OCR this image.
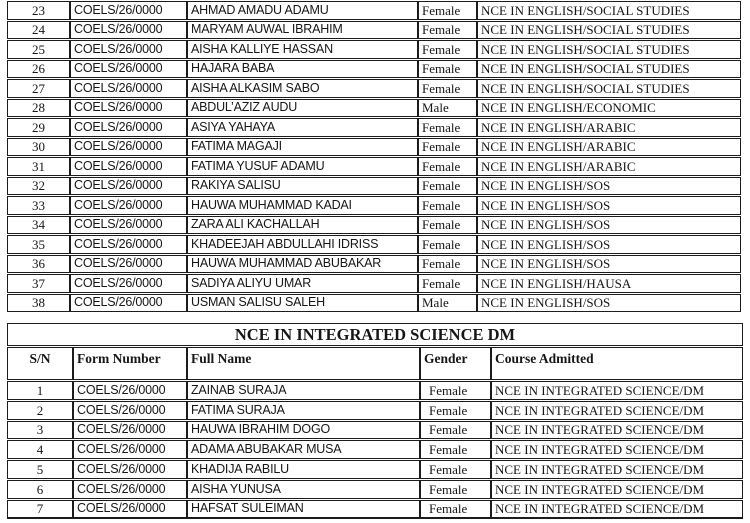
23	COELS/26/0000	AHMAD AMADU ADAMU	Female	NCE IN ENGLISH/SOCIAL STUDIES
24	COELS/26/0000	MARYAM AUWAL IBRAHIM	Female	NCE IN ENGLISH/SOCIAL STUDIES
25	COELS/26/0000	AISHA KALLIYE HASSAN	Female	NCE IN ENGLISH/SOCIAL STUDIES
26	COELS/26/0000	HAJARA BABA	Female	NCE IN ENGLISH/SOCIAL STUDIES
27	COELS/26/0000	AISHA ALKASIM SABO	Female	NCE IN ENGLISH/SOCIAL STUDIES
28	COELS/26/0000	ABDUL’AZIZ AUDU	Male	NCE IN ENGLISH/ECONOMIC
29	COELS/26/0000	ASIYA YAHAYA	Female	NCE IN ENGLISH/ARABIC
30	COELS/26/0000	FATIMA MAGAJI	Female	NCE IN ENGLISH/ARABIC
31	COELS/26/0000	FATIMA YUSUF ADAMU	Female	NCE IN ENGLISH/ARABIC
32	COELS/26/0000	RAKIYA SALISU	Female	NCE IN ENGLISH/SOS
33	COELS/26/0000	HAUWA MUHAMMAD KADAI	Female	NCE IN ENGLISH/SOS
34	COELS/26/0000	ZARA ALI KACHALLAH	Female	NCE IN ENGLISH/SOS
35	COELS/26/0000	KHADEEJAH ABDULLAHI IDRISS	Female	NCE IN ENGLISH/SOS
36	COELS/26/0000	HAUWA MUHAMMAD ABUBAKAR	Female	NCE IN ENGLISH/SOS
37	COELS/26/0000	SADIYA ALIYU UMAR	Female	NCE IN ENGLISH/HAUSA
38	COELS/26/0000	USMAN SALISU SALEH	Male	NCE IN ENGLISH/SOS
NCE IN INTEGRATED SCIENCE DM				
S/N	Form Number	Full Name	Gender	Course Admitted
1	COELS/26/0000	ZAINAB SURAJA	Female	NCE IN INTEGRATED SCIENCE/DM
2	COELS/26/0000	FATIMA SURAJA	Female	NCE IN INTEGRATED SCIENCE/DM
3	COELS/26/0000	HAUWA IBRAHIM DOGO	Female	NCE IN INTEGRATED SCIENCE/DM
4	COELS/26/0000	ADAMA ABUBAKAR MUSA	Female	NCE IN INTEGRATED SCIENCE/DM
5	COELS/26/0000	KHADIJA RABILU	Female	NCE IN INTEGRATED SCIENCE/DM
6	COELS/26/0000	AISHA YUNUSA	Female	NCE IN INTEGRATED SCIENCE/DM
7	COELS/26/0000	HAFSAT SULEIMAN	Female	NCE IN INTEGRATED SCIENCE/DM
